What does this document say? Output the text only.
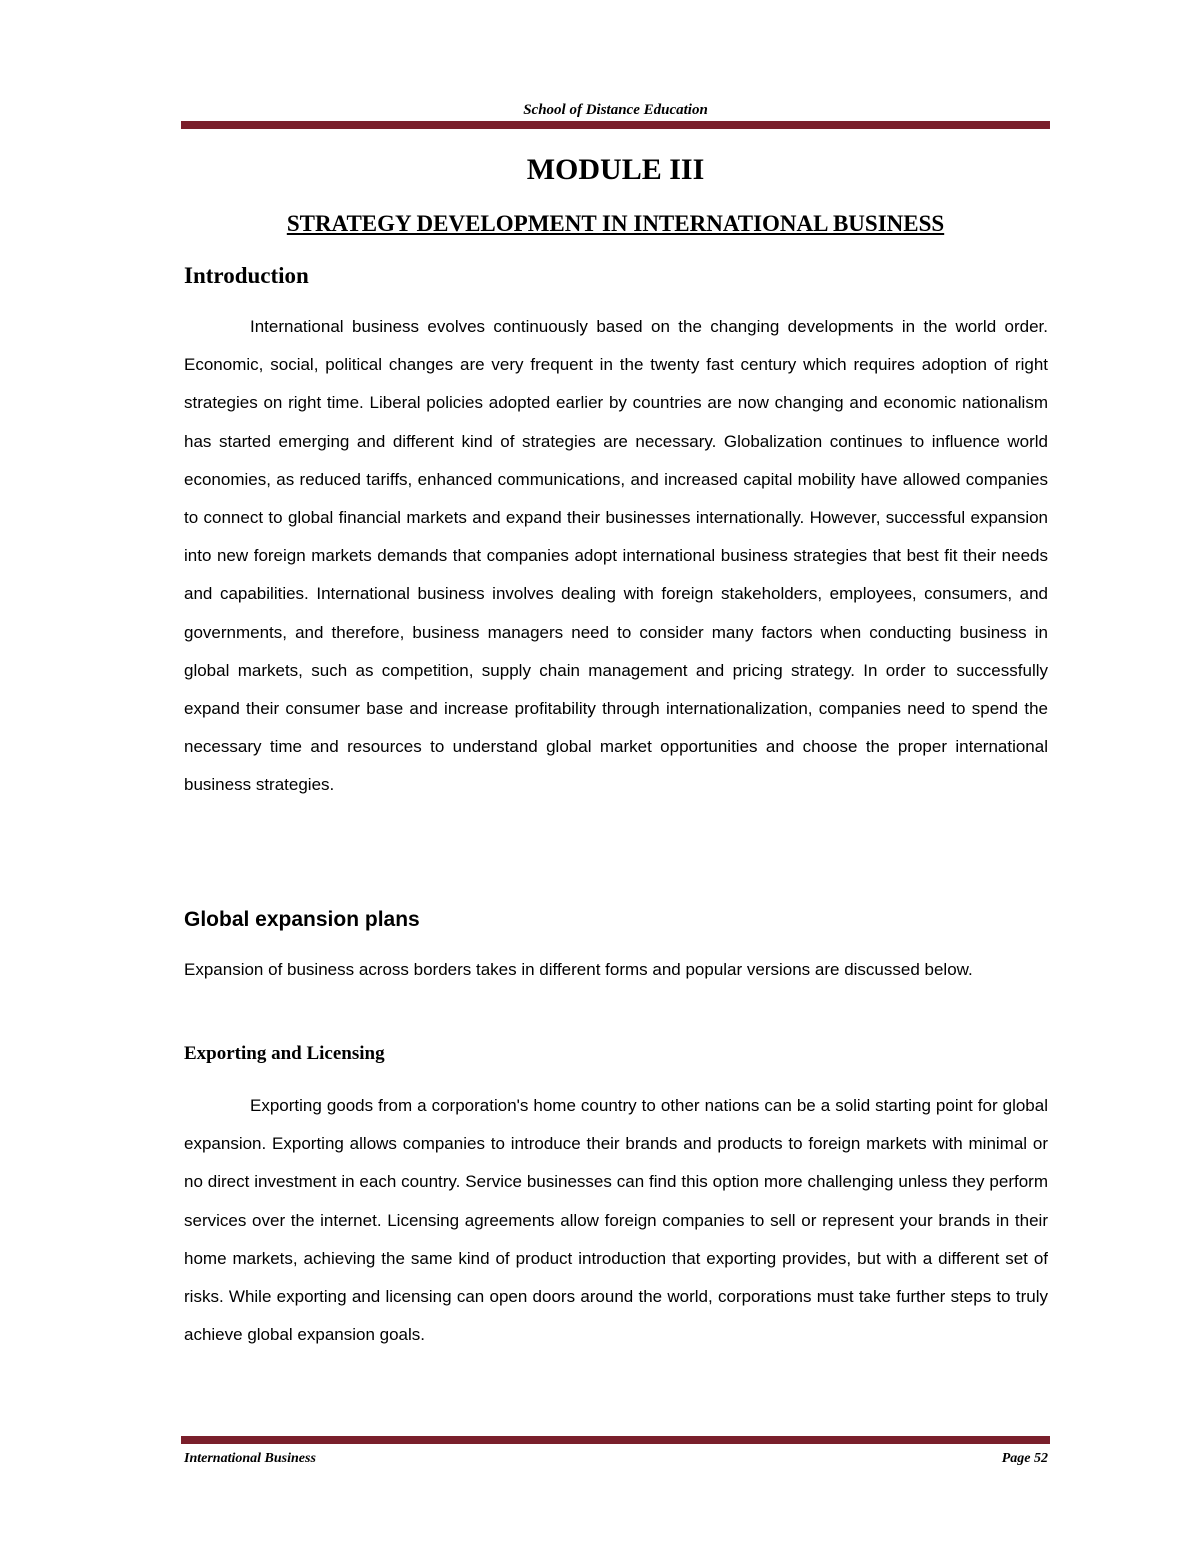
School of Distance Education
MODULE III
STRATEGY DEVELOPMENT IN INTERNATIONAL BUSINESS
Introduction
International business evolves continuously based on the changing developments in the world order. Economic, social, political changes are very frequent in the twenty fast century which requires adoption of right strategies on right time. Liberal policies adopted earlier by countries are now changing and economic nationalism has started emerging and different kind of strategies are necessary. Globalization continues to influence world economies, as reduced tariffs, enhanced communications, and increased capital mobility have allowed companies to connect to global financial markets and expand their businesses internationally. However, successful expansion into new foreign markets demands that companies adopt international business strategies that best fit their needs and capabilities. International business involves dealing with foreign stakeholders, employees, consumers, and governments, and therefore, business managers need to consider many factors when conducting business in global markets, such as competition, supply chain management and pricing strategy. In order to successfully expand their consumer base and increase profitability through internationalization, companies need to spend the necessary time and resources to understand global market opportunities and choose the proper international business strategies.
Global expansion plans
Expansion of business across borders takes in different forms and popular versions are discussed below.
Exporting and Licensing
Exporting goods from a corporation's home country to other nations can be a solid starting point for global expansion. Exporting allows companies to introduce their brands and products to foreign markets with minimal or no direct investment in each country. Service businesses can find this option more challenging unless they perform services over the internet. Licensing agreements allow foreign companies to sell or represent your brands in their home markets, achieving the same kind of product introduction that exporting provides, but with a different set of risks. While exporting and licensing can open doors around the world, corporations must take further steps to truly achieve global expansion goals.
International Business	Page 52
